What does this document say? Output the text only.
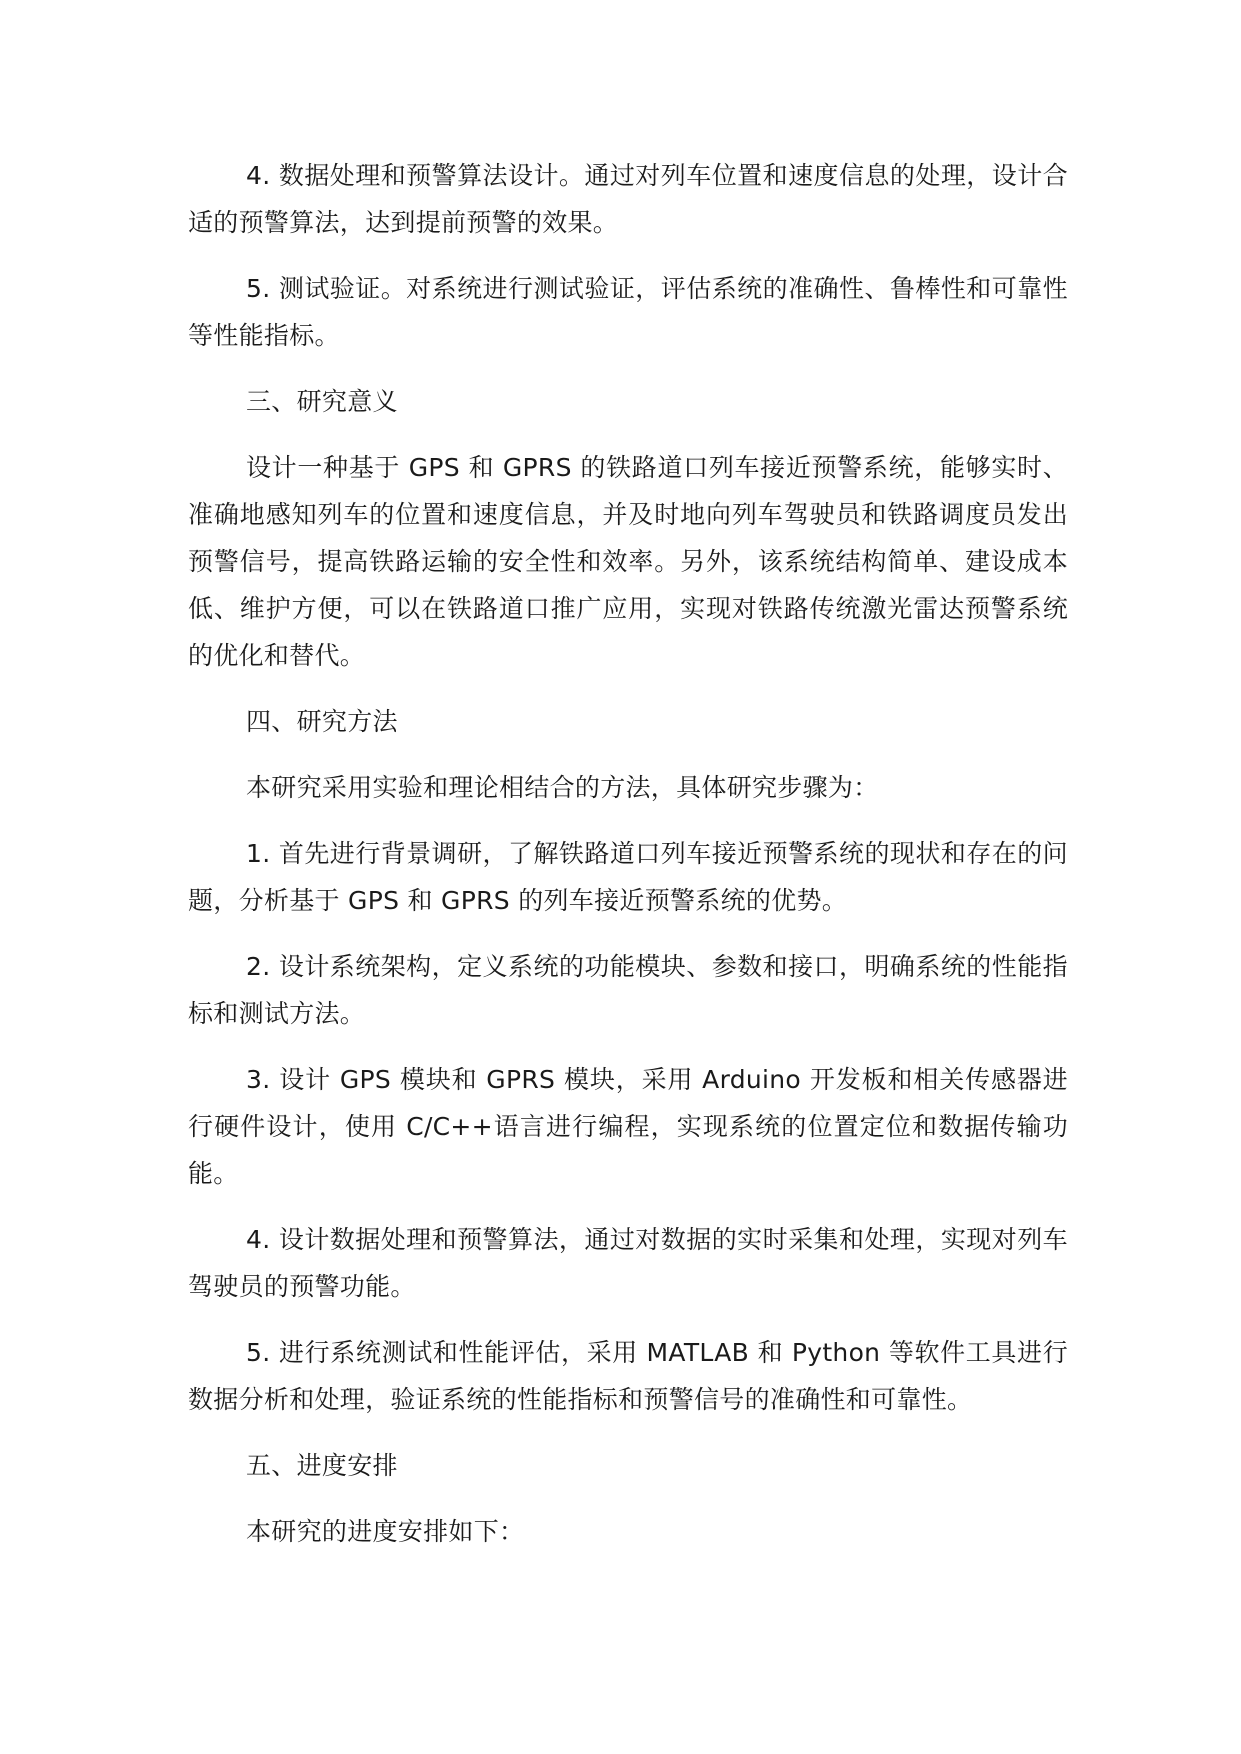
4. 数据处理和预警算法设计。通过对列车位置和速度信息的处理，设计合适的预警算法，达到提前预警的效果。

5. 测试验证。对系统进行测试验证，评估系统的准确性、鲁棒性和可靠性等性能指标。

三、研究意义

设计一种基于 GPS 和 GPRS 的铁路道口列车接近预警系统，能够实时、准确地感知列车的位置和速度信息，并及时地向列车驾驶员和铁路调度员发出预警信号，提高铁路运输的安全性和效率。另外，该系统结构简单、建设成本低、维护方便，可以在铁路道口推广应用，实现对铁路传统激光雷达预警系统的优化和替代。

四、研究方法

本研究采用实验和理论相结合的方法，具体研究步骤为：

1. 首先进行背景调研，了解铁路道口列车接近预警系统的现状和存在的问题，分析基于 GPS 和 GPRS 的列车接近预警系统的优势。

2. 设计系统架构，定义系统的功能模块、参数和接口，明确系统的性能指标和测试方法。

3. 设计 GPS 模块和 GPRS 模块，采用 Arduino 开发板和相关传感器进行硬件设计，使用 C/C++语言进行编程，实现系统的位置定位和数据传输功能。

4. 设计数据处理和预警算法，通过对数据的实时采集和处理，实现对列车驾驶员的预警功能。

5. 进行系统测试和性能评估，采用 MATLAB 和 Python 等软件工具进行数据分析和处理，验证系统的性能指标和预警信号的准确性和可靠性。

五、进度安排

本研究的进度安排如下：
